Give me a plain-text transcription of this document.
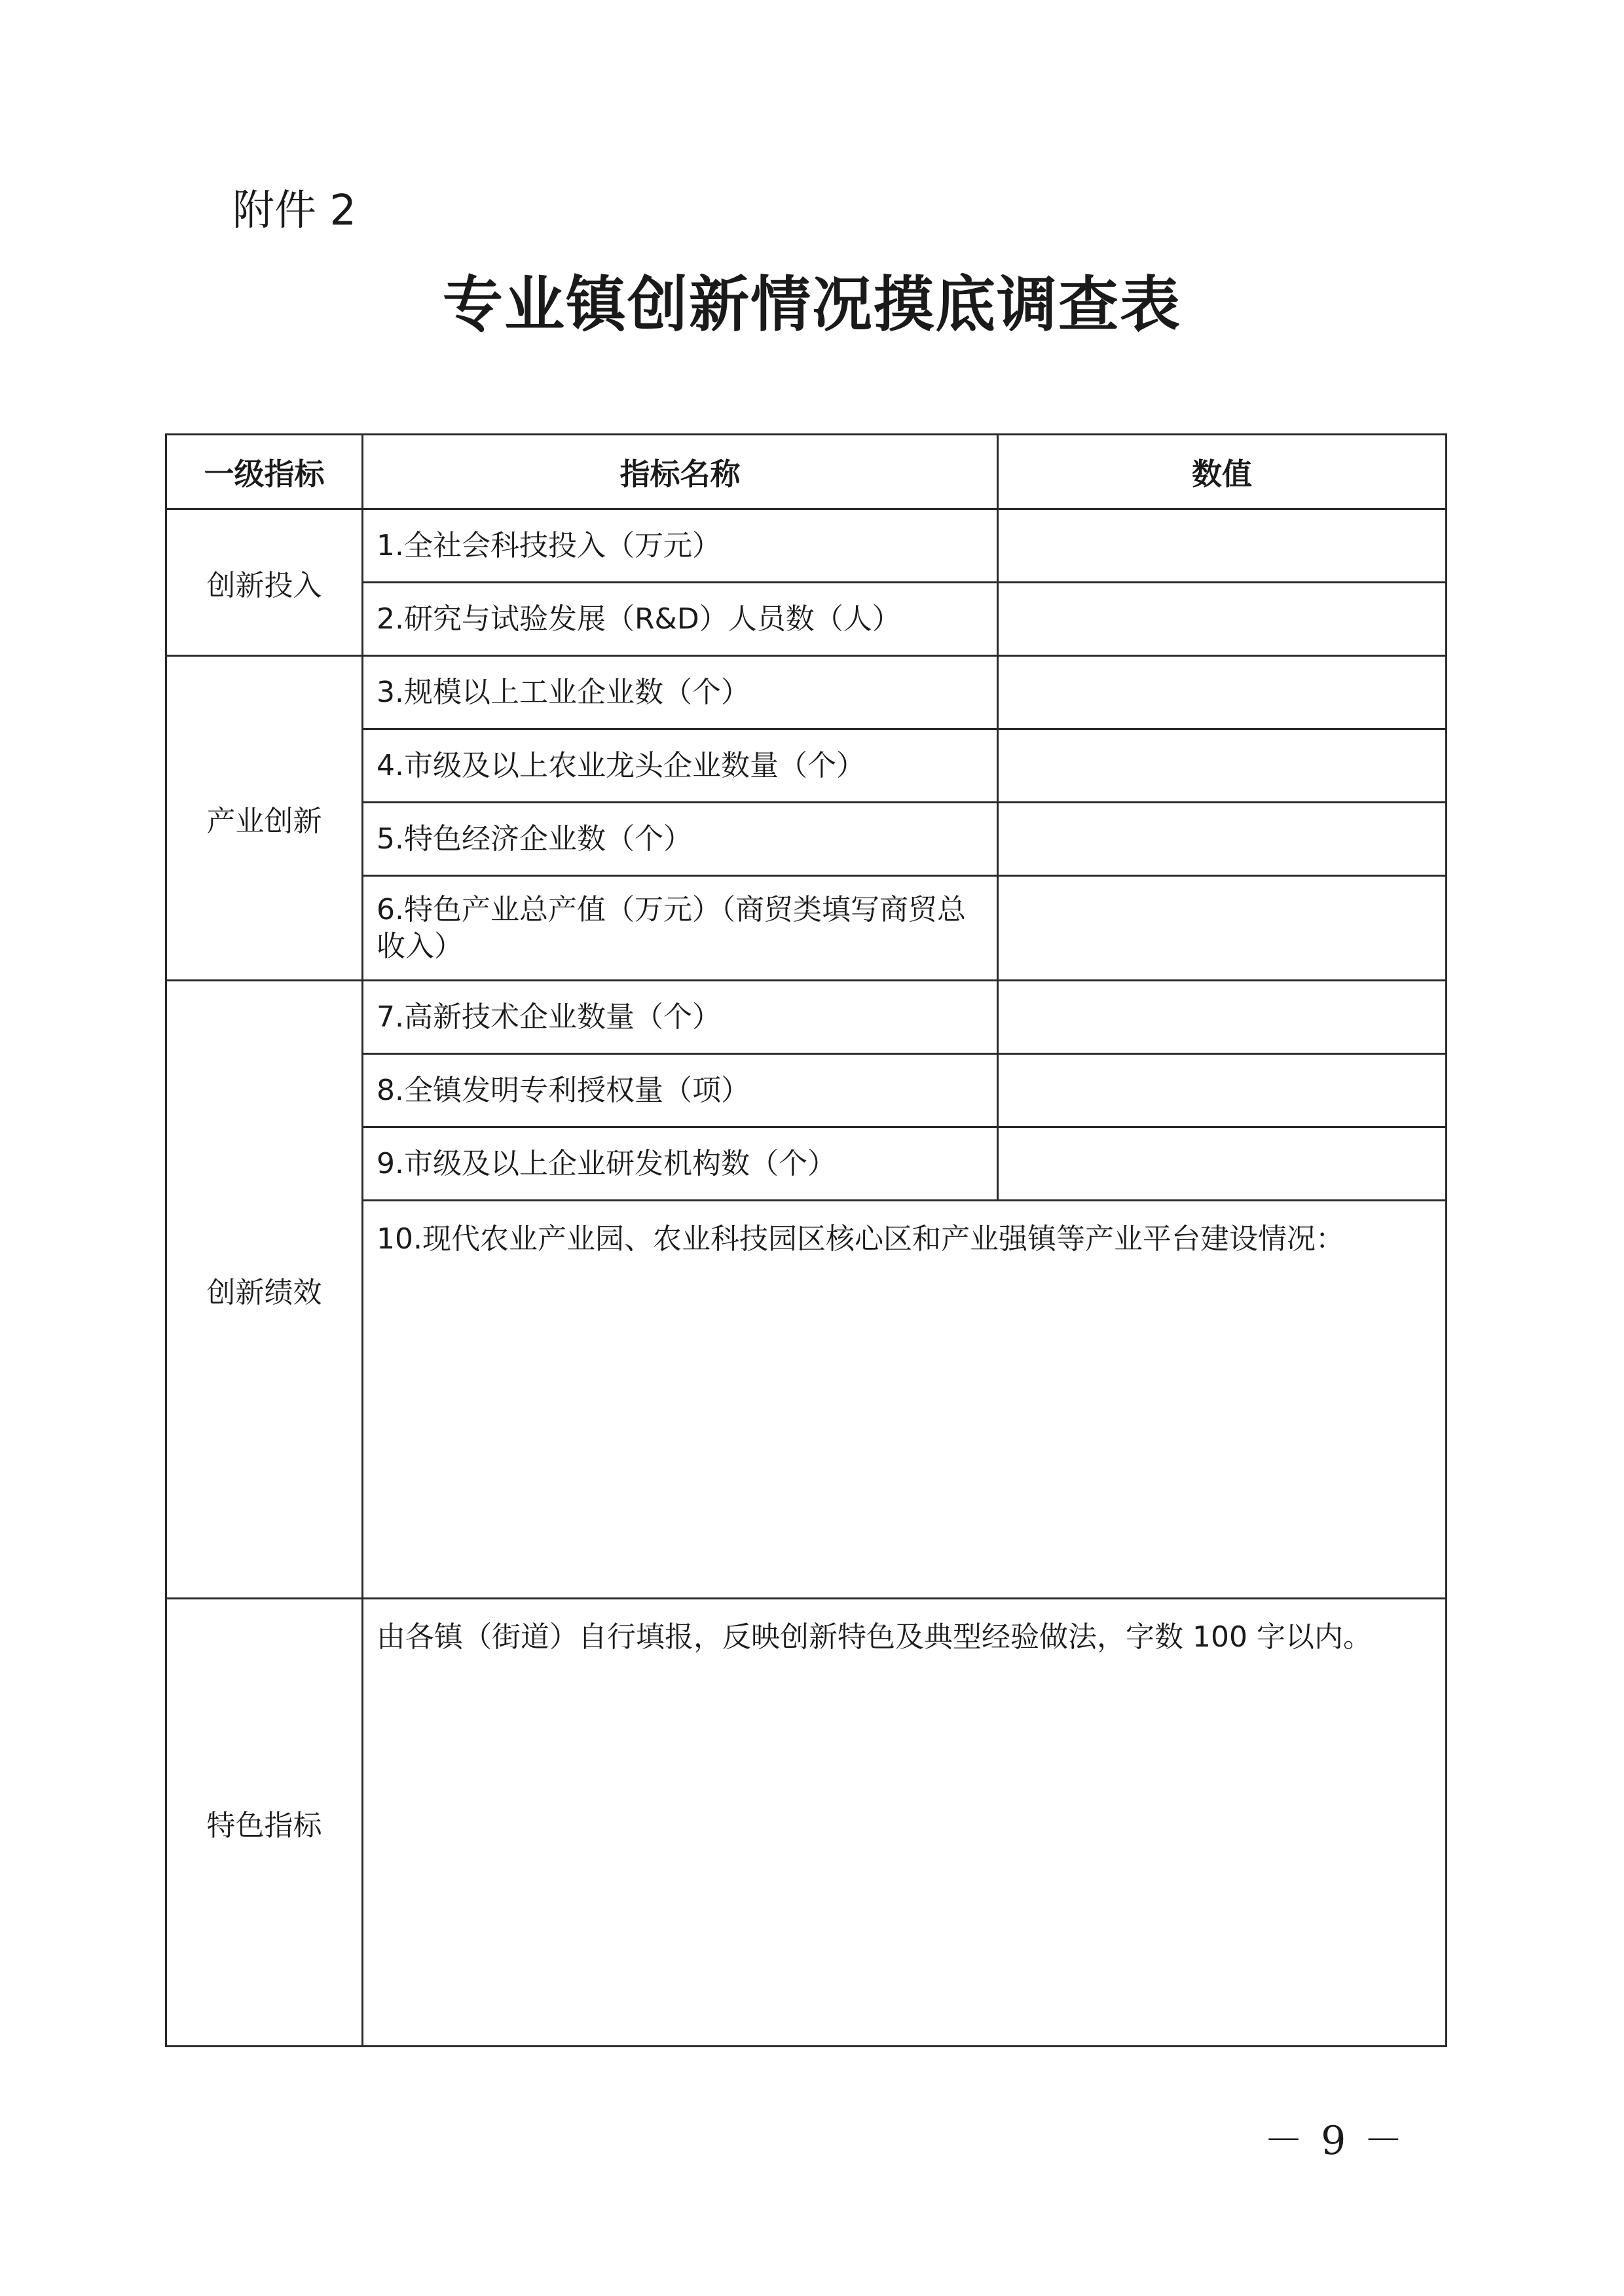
附件 2
专业镇创新情况摸底调查表
一级指标	指标名称	数值
创新投入	1.全社会科技投入（万元）	
	2.研究与试验发展（R&D）人员数（人）	
产业创新	3.规模以上工业企业数（个）	
	4.市级及以上农业龙头企业数量（个）	
	5.特色经济企业数（个）	
	6.特色产业总产值（万元）（商贸类填写商贸总收入）	
创新绩效	7.高新技术企业数量（个）	
	8.全镇发明专利授权量（项）	
	9.市级及以上企业研发机构数（个）	
	10.现代农业产业园、农业科技园区核心区和产业强镇等产业平台建设情况：	
特色指标	由各镇（街道）自行填报，反映创新特色及典型经验做法，字数 100 字以内。	
－ 9 －
